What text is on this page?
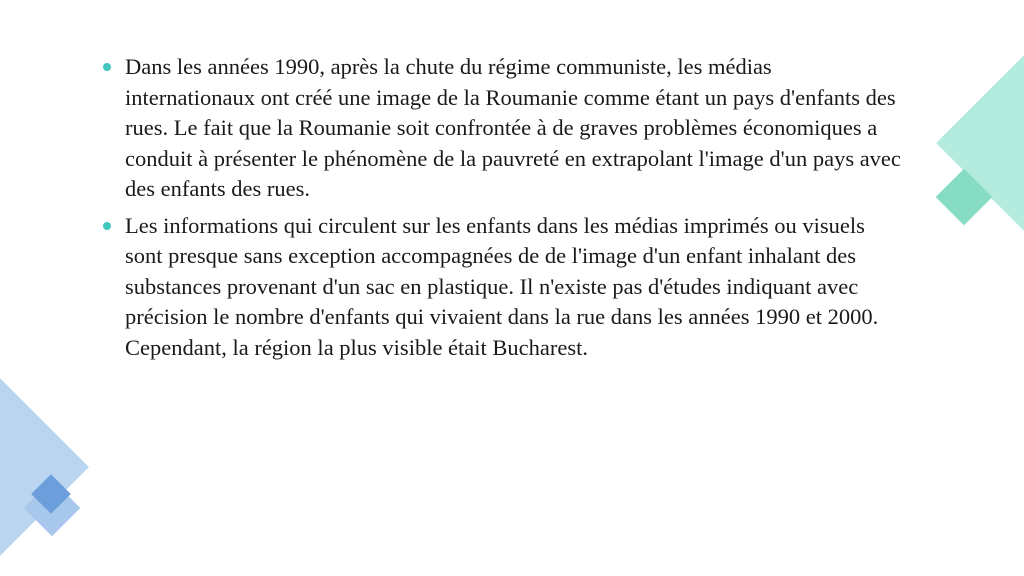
Dans les années 1990, après la chute du régime communiste, les médias internationaux ont créé une image de la Roumanie comme étant un pays d'enfants des rues. Le fait que la Roumanie soit confrontée à de graves problèmes économiques a conduit à présenter le phénomène de la pauvreté en extrapolant l'image d'un pays avec des enfants des rues.
Les informations qui circulent sur les enfants dans les médias imprimés ou visuels sont presque sans exception accompagnées de de l'image d'un enfant inhalant des substances provenant d'un sac en plastique. Il n'existe pas d'études indiquant avec précision le nombre d'enfants qui vivaient dans la rue dans les années 1990 et 2000. Cependant, la région la plus visible était Bucharest.
